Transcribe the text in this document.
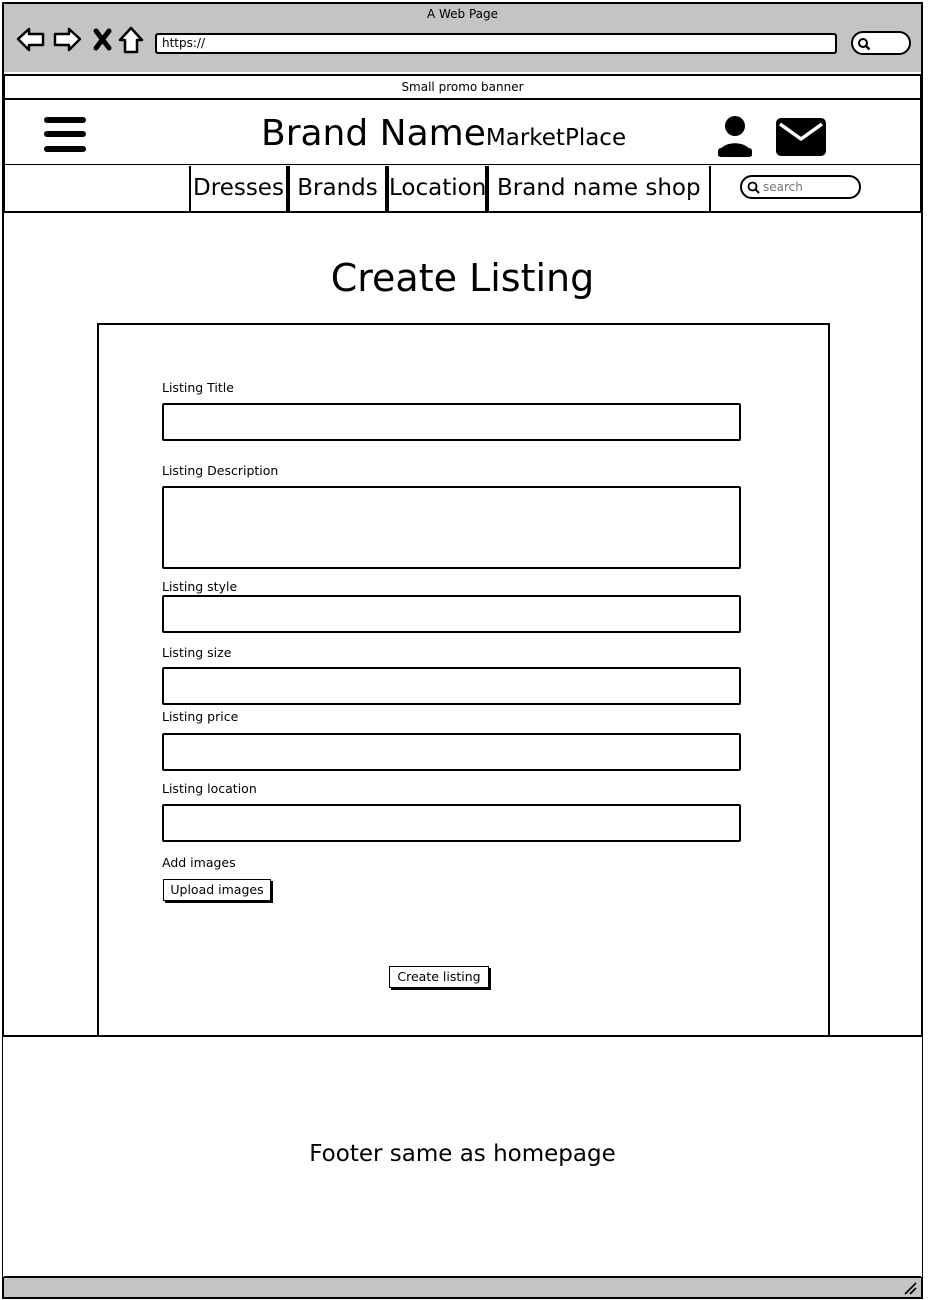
A Web Page
https://
Small promo banner
Brand NameMarketPlace
Dresses Brands Location Brand name shop
search
Create Listing
Listing Title
Listing Description
Listing style
Listing size
Listing price
Listing location
Add images
Upload images
Create listing
Footer same as homepage
